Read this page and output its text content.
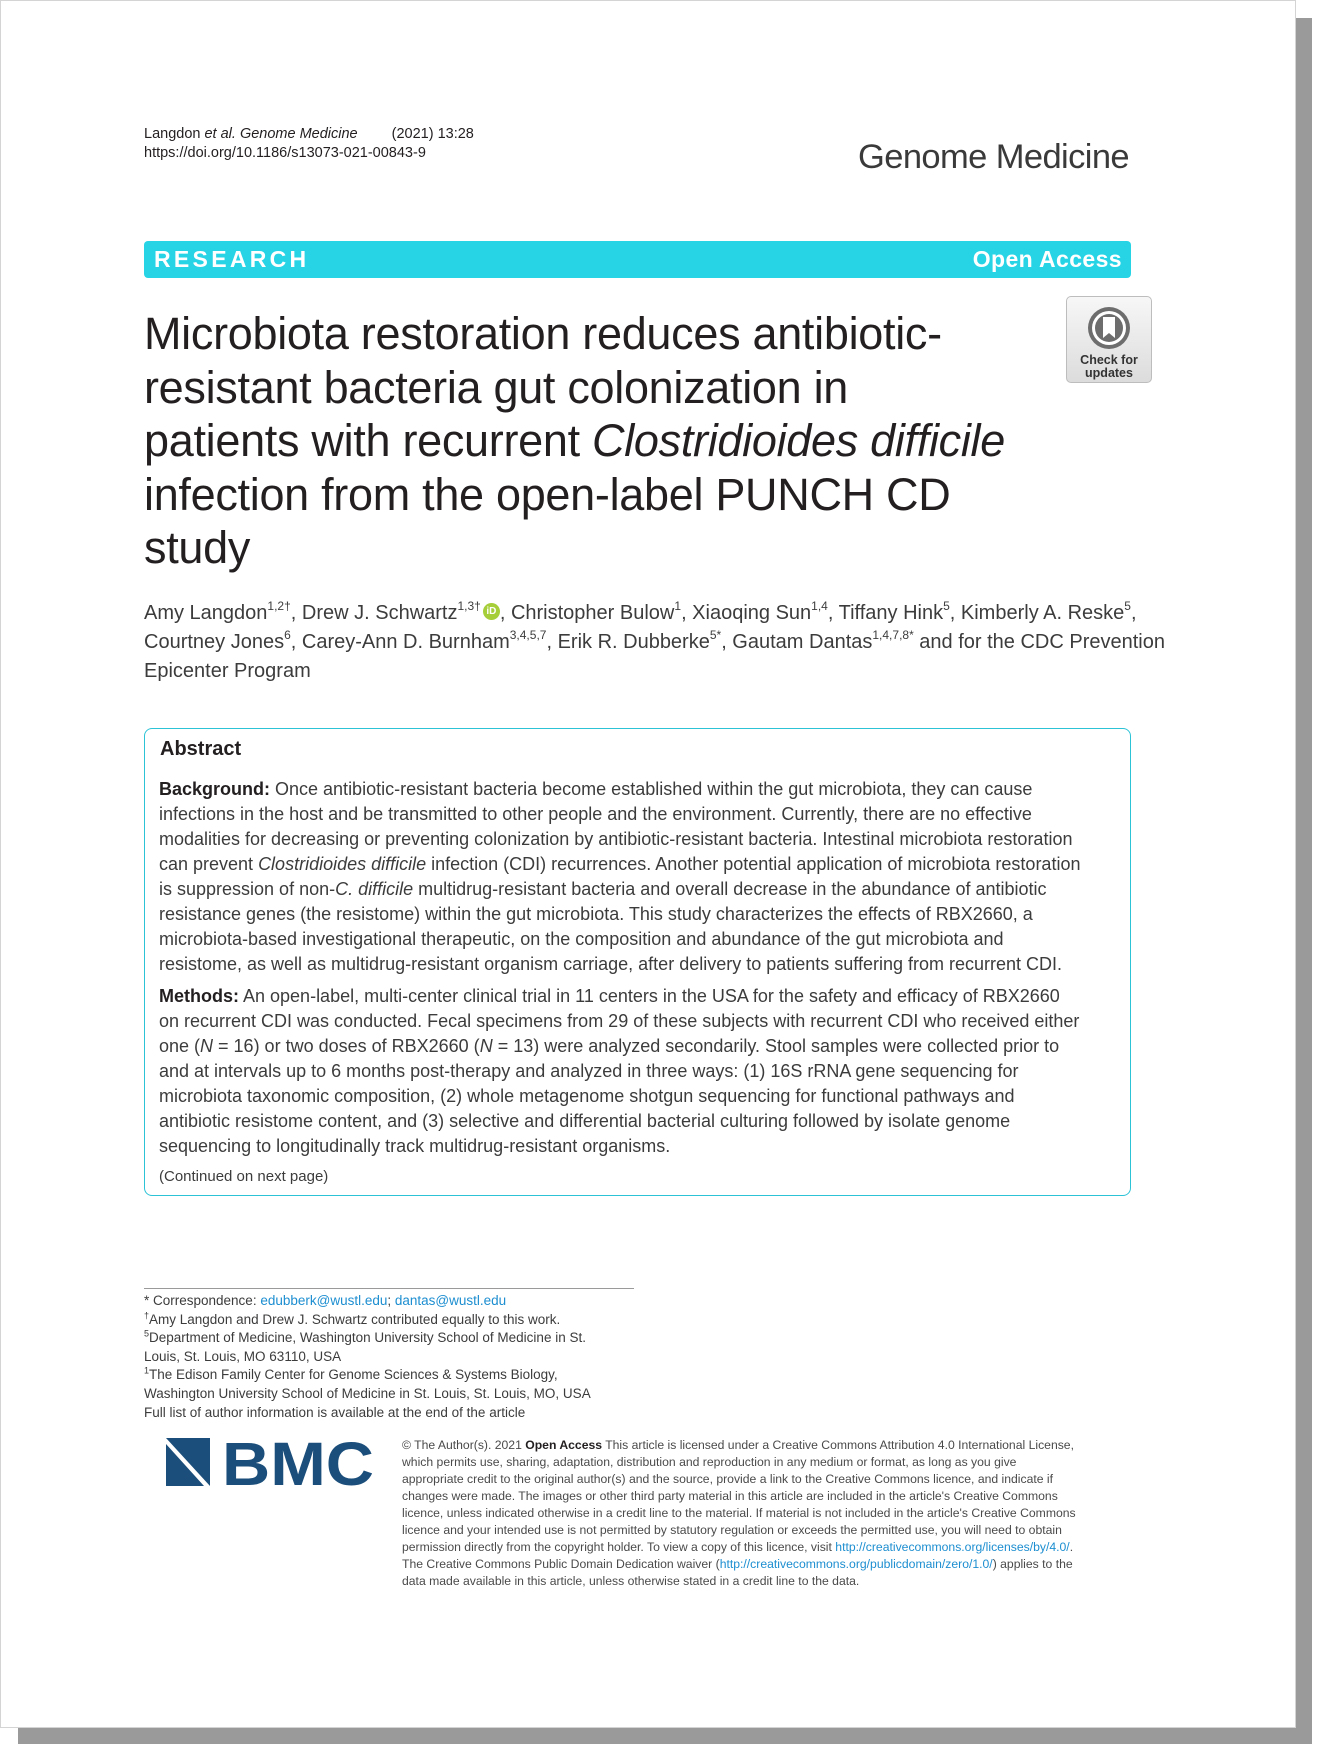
Langdon et al. Genome Medicine (2021) 13:28
https://doi.org/10.1186/s13073-021-00843-9	Genome Medicine
RESEARCH	Open Access
Microbiota restoration reduces antibiotic-
resistant bacteria gut colonization in
patients with recurrent Clostridioides difficile
infection from the open-label PUNCH CD
study
Check for
updates
Amy Langdon$^{1,2\dagger}$, Drew J. Schwartz$^{1,3\dagger}$ iD , Christopher Bulow$^1$, Xiaoqing Sun$^{1,4}$, Tiffany Hink$^5$, Kimberly A. Reske$^5$,
Courtney Jones$^6$, Carey-Ann D. Burnham$^{3,4,5,7}$, Erik R. Dubberke$^{5*}$, Gautam Dantas$^{1,4,7,8*}$ and for the CDC Prevention
Epicenter Program
Abstract
Background: Once antibiotic-resistant bacteria become established within the gut microbiota, they can cause
infections in the host and be transmitted to other people and the environment. Currently, there are no effective
modalities for decreasing or preventing colonization by antibiotic-resistant bacteria. Intestinal microbiota restoration
can prevent Clostridioides difficile infection (CDI) recurrences. Another potential application of microbiota restoration
is suppression of non-C. difficile multidrug-resistant bacteria and overall decrease in the abundance of antibiotic
resistance genes (the resistome) within the gut microbiota. This study characterizes the effects of RBX2660, a
microbiota-based investigational therapeutic, on the composition and abundance of the gut microbiota and
resistome, as well as multidrug-resistant organism carriage, after delivery to patients suffering from recurrent CDI.
Methods: An open-label, multi-center clinical trial in 11 centers in the USA for the safety and efficacy of RBX2660
on recurrent CDI was conducted. Fecal specimens from 29 of these subjects with recurrent CDI who received either
one (N = 16) or two doses of RBX2660 (N = 13) were analyzed secondarily. Stool samples were collected prior to
and at intervals up to 6 months post-therapy and analyzed in three ways: (1) 16S rRNA gene sequencing for
microbiota taxonomic composition, (2) whole metagenome shotgun sequencing for functional pathways and
antibiotic resistome content, and (3) selective and differential bacterial culturing followed by isolate genome
sequencing to longitudinally track multidrug-resistant organisms.
(Continued on next page)
* Correspondence: edubberk@wustl.edu; dantas@wustl.edu
†Amy Langdon and Drew J. Schwartz contributed equally to this work.
$^5$Department of Medicine, Washington University School of Medicine in St.
Louis, St. Louis, MO 63110, USA
$^1$The Edison Family Center for Genome Sciences & Systems Biology,
Washington University School of Medicine in St. Louis, St. Louis, MO, USA
Full list of author information is available at the end of the article
BMC © The Author(s). 2021 Open Access This article is licensed under a Creative Commons Attribution 4.0 International License,
which permits use, sharing, adaptation, distribution and reproduction in any medium or format, as long as you give
appropriate credit to the original author(s) and the source, provide a link to the Creative Commons licence, and indicate if
changes were made. The images or other third party material in this article are included in the article's Creative Commons
licence, unless indicated otherwise in a credit line to the material. If material is not included in the article's Creative Commons
licence and your intended use is not permitted by statutory regulation or exceeds the permitted use, you will need to obtain
permission directly from the copyright holder. To view a copy of this licence, visit http://creativecommons.org/licenses/by/4.0/.
The Creative Commons Public Domain Dedication waiver (http://creativecommons.org/publicdomain/zero/1.0/) applies to the
data made available in this article, unless otherwise stated in a credit line to the data.
